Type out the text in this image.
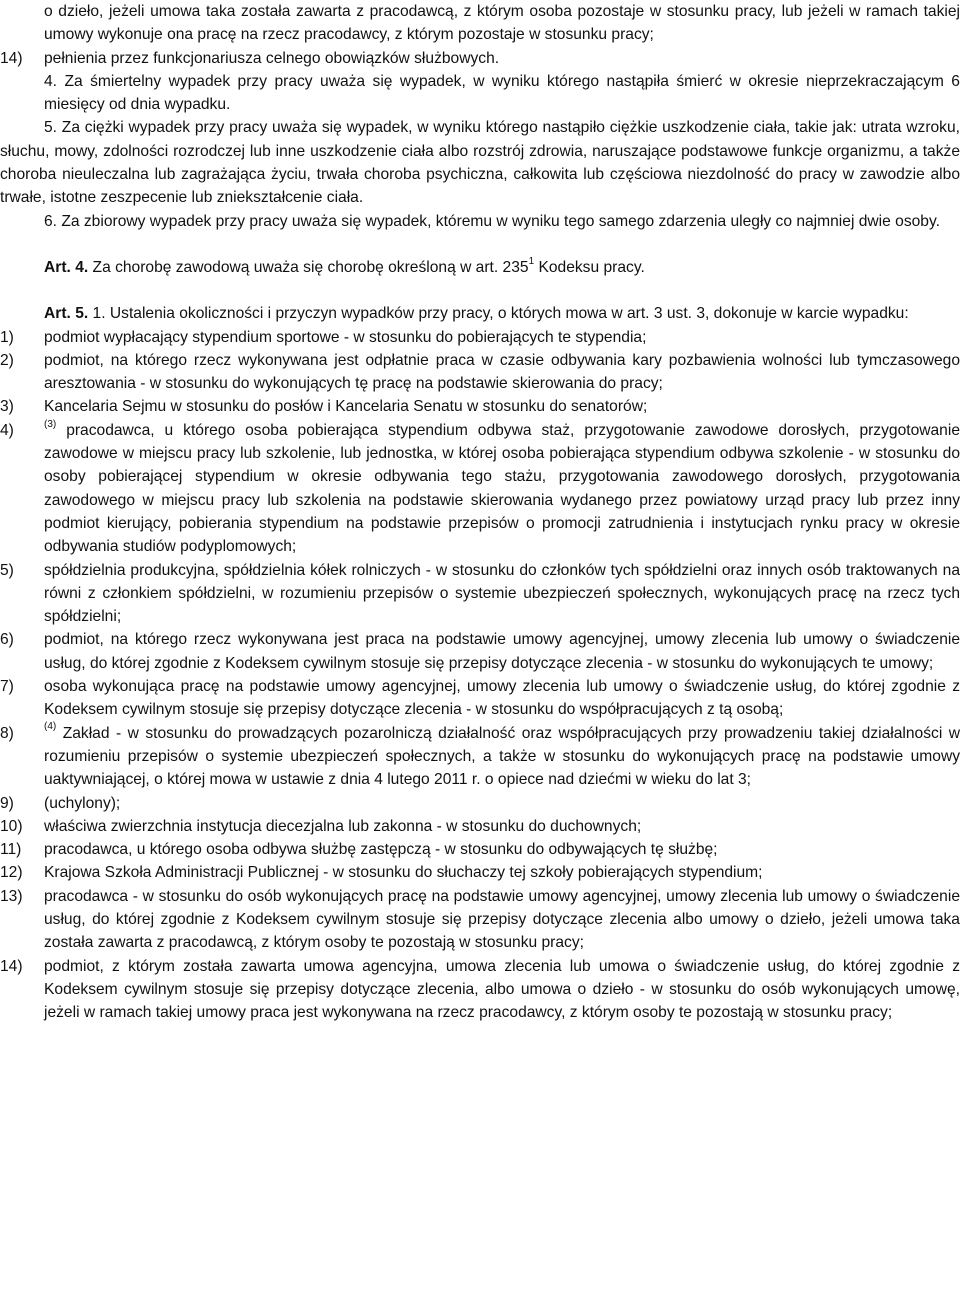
o dzieło, jeżeli umowa taka została zawarta z pracodawcą, z którym osoba pozostaje w stosunku pracy, lub jeżeli w ramach takiej umowy wykonuje ona pracę na rzecz pracodawcy, z którym pozostaje w stosunku pracy;
14)	pełnienia przez funkcjonariusza celnego obowiązków służbowych.

4. Za śmiertelny wypadek przy pracy uważa się wypadek, w wyniku którego nastąpiła śmierć w okresie nieprzekraczającym 6 miesięcy od dnia wypadku.

5. Za ciężki wypadek przy pracy uważa się wypadek, w wyniku którego nastąpiło ciężkie uszkodzenie ciała, takie jak: utrata wzroku, słuchu, mowy, zdolności rozrodczej lub inne uszkodzenie ciała albo rozstrój zdrowia, naruszające podstawowe funkcje organizmu, a także choroba nieuleczalna lub zagrażająca życiu, trwała choroba psychiczna, całkowita lub częściowa niezdolność do pracy w zawodzie albo trwałe, istotne zeszpecenie lub zniekształcenie ciała.

6. Za zbiorowy wypadek przy pracy uważa się wypadek, któremu w wyniku tego samego zdarzenia uległy co najmniej dwie osoby.

Art. 4. Za chorobę zawodową uważa się chorobę określoną w art. $235^1$ Kodeksu pracy.

Art. 5. 1. Ustalenia okoliczności i przyczyn wypadków przy pracy, o których mowa w art. 3 ust. 3, dokonuje w karcie wypadku:

1)	podmiot wypłacający stypendium sportowe - w stosunku do pobierających te stypendia;
2)	podmiot, na którego rzecz wykonywana jest odpłatnie praca w czasie odbywania kary pozbawienia wolności lub tymczasowego aresztowania - w stosunku do wykonujących tę pracę na podstawie skierowania do pracy;
3)	Kancelaria Sejmu w stosunku do posłów i Kancelaria Senatu w stosunku do senatorów;
4)	$^{(3)}$ pracodawca, u którego osoba pobierająca stypendium odbywa staż, przygotowanie zawodowe dorosłych, przygotowanie zawodowe w miejscu pracy lub szkolenie, lub jednostka, w której osoba pobierająca stypendium odbywa szkolenie - w stosunku do osoby pobierającej stypendium w okresie odbywania tego stażu, przygotowania zawodowego dorosłych, przygotowania zawodowego w miejscu pracy lub szkolenia na podstawie skierowania wydanego przez powiatowy urząd pracy lub przez inny podmiot kierujący, pobierania stypendium na podstawie przepisów o promocji zatrudnienia i instytucjach rynku pracy w okresie odbywania studiów podyplomowych;
5)	spółdzielnia produkcyjna, spółdzielnia kółek rolniczych - w stosunku do członków tych spółdzielni oraz innych osób traktowanych na równi z członkiem spółdzielni, w rozumieniu przepisów o systemie ubezpieczeń społecznych, wykonujących pracę na rzecz tych spółdzielni;
6)	podmiot, na którego rzecz wykonywana jest praca na podstawie umowy agencyjnej, umowy zlecenia lub umowy o świadczenie usług, do której zgodnie z Kodeksem cywilnym stosuje się przepisy dotyczące zlecenia - w stosunku do wykonujących te umowy;
7)	osoba wykonująca pracę na podstawie umowy agencyjnej, umowy zlecenia lub umowy o świadczenie usług, do której zgodnie z Kodeksem cywilnym stosuje się przepisy dotyczące zlecenia - w stosunku do współpracujących z tą osobą;
8)	$^{(4)}$ Zakład - w stosunku do prowadzących pozarolniczą działalność oraz współpracujących przy prowadzeniu takiej działalności w rozumieniu przepisów o systemie ubezpieczeń społecznych, a także w stosunku do wykonujących pracę na podstawie umowy uaktywniającej, o której mowa w ustawie z dnia 4 lutego 2011 r. o opiece nad dziećmi w wieku do lat 3;
9)	(uchylony);
10)	właściwa zwierzchnia instytucja diecezjalna lub zakonna - w stosunku do duchownych;
11)	pracodawca, u którego osoba odbywa służbę zastępczą - w stosunku do odbywających tę służbę;
12)	Krajowa Szkoła Administracji Publicznej - w stosunku do słuchaczy tej szkoły pobierających stypendium;
13)	pracodawca - w stosunku do osób wykonujących pracę na podstawie umowy agencyjnej, umowy zlecenia lub umowy o świadczenie usług, do której zgodnie z Kodeksem cywilnym stosuje się przepisy dotyczące zlecenia albo umowy o dzieło, jeżeli umowa taka została zawarta z pracodawcą, z którym osoby te pozostają w stosunku pracy;
14)	podmiot, z którym została zawarta umowa agencyjna, umowa zlecenia lub umowa o świadczenie usług, do której zgodnie z Kodeksem cywilnym stosuje się przepisy dotyczące zlecenia, albo umowa o dzieło - w stosunku do osób wykonujących umowę, jeżeli w ramach takiej umowy praca jest wykonywana na rzecz pracodawcy, z którym osoby te pozostają w stosunku pracy;
